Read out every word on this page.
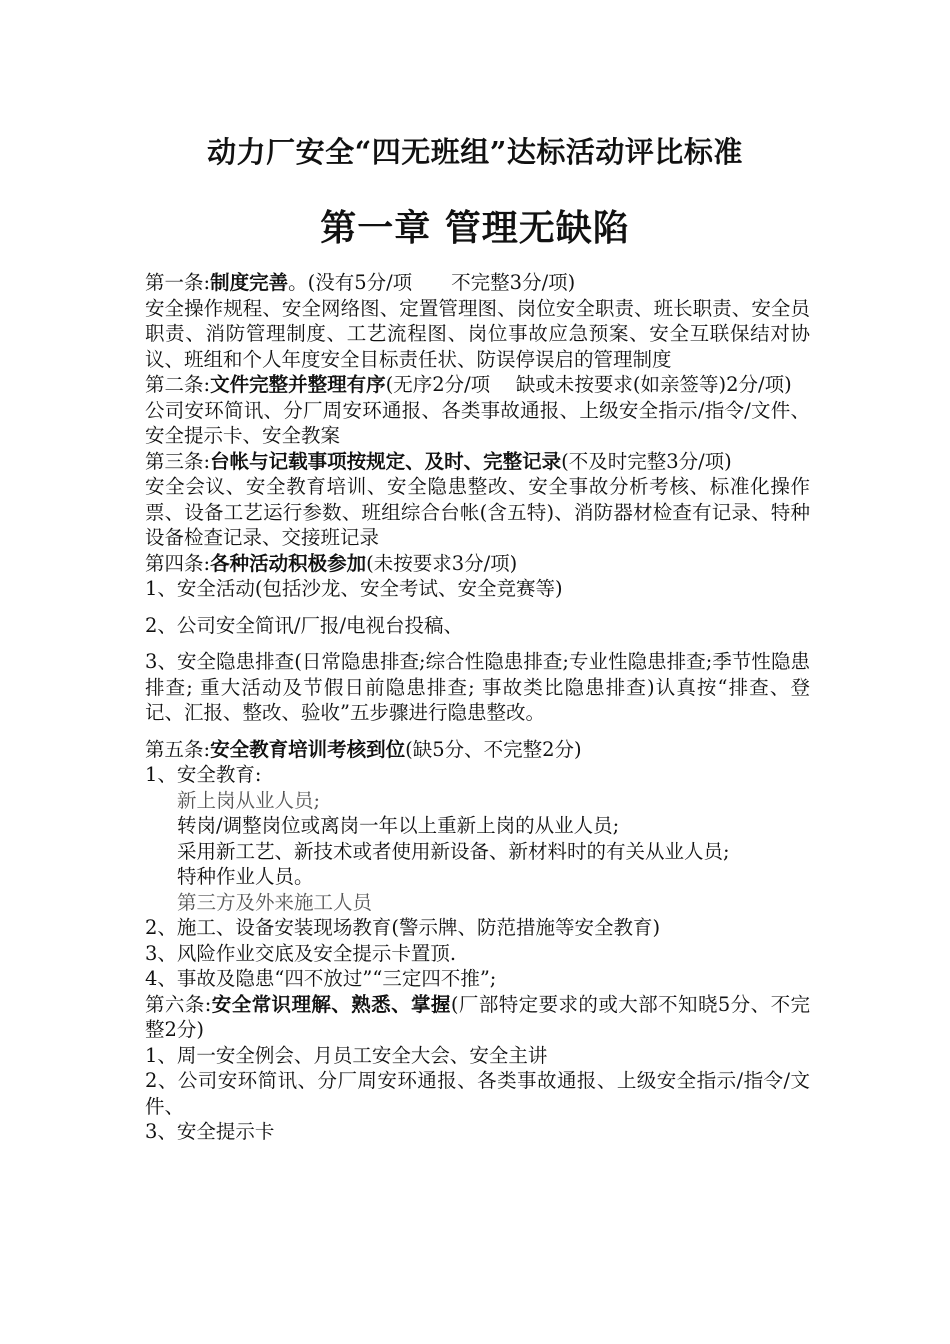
动力厂安全“四无班组”达标活动评比标准
第一章 管理无缺陷

第一条:制度完善。(没有5分/项　　不完整3分/项)

安全操作规程、安全网络图、定置管理图、岗位安全职责、班长职责、安全员职责、消防管理制度、工艺流程图、岗位事故应急预案、安全互联保结对协议、班组和个人年度安全目标责任状、防误停误启的管理制度

第二条:文件完整并整理有序(无序2分/项　 缺或未按要求(如亲签等)2分/项)

公司安环简讯、分厂周安环通报、各类事故通报、上级安全指示/指令/文件、 安全提示卡、安全教案

第三条:台帐与记载事项按规定、及时、完整记录(不及时完整3分/项)

安全会议、安全教育培训、安全隐患整改、安全事故分析考核、标准化操作票、设备工艺运行参数、班组综合台帐(含五特)、消防器材检查有记录、特种设备检查记录、交接班记录

第四条:各种活动积极参加(未按要求3分/项)

1、安全活动(包括沙龙、安全考试、安全竞赛等)

2、公司安全简讯/厂报/电视台投稿、

3、安全隐患排查(日常隐患排查;综合性隐患排查;专业性隐患排查;季节性隐患排查; 重大活动及节假日前隐患排查; 事故类比隐患排查)认真按“排查、登记、汇报、整改、验收”五步骤进行隐患整改。

第五条:安全教育培训考核到位(缺5分、不完整2分)

1、安全教育:

新上岗从业人员;

转岗/调整岗位或离岗一年以上重新上岗的从业人员;

采用新工艺、新技术或者使用新设备、新材料时的有关从业人员;

特种作业人员。

第三方及外来施工人员

2、施工、设备安装现场教育(警示牌、防范措施等安全教育)

3、风险作业交底及安全提示卡置顶.

4、事故及隐患“四不放过”“三定四不推”;

第六条:安全常识理解、熟悉、掌握(厂部特定要求的或大部不知晓5分、不完整2分)

1、周一安全例会、月员工安全大会、安全主讲

2、公司安环简讯、分厂周安环通报、各类事故通报、上级安全指示/指令/文件、

3、安全提示卡
